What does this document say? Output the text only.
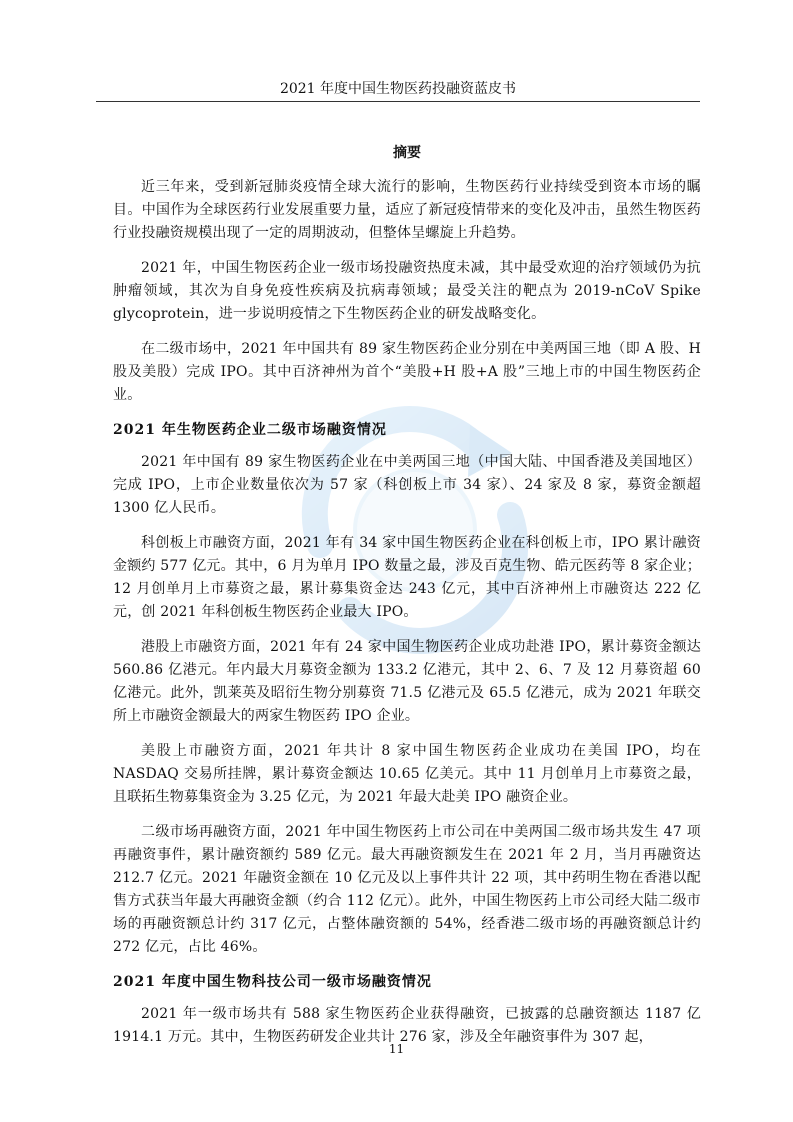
2021 年度中国生物医药投融资蓝皮书
摘要

近三年来，受到新冠肺炎疫情全球大流行的影响，生物医药行业持续受到资本市场的瞩目。中国作为全球医药行业发展重要力量，适应了新冠疫情带来的变化及冲击，虽然生物医药行业投融资规模出现了一定的周期波动，但整体呈螺旋上升趋势。

2021 年，中国生物医药企业一级市场投融资热度未减，其中最受欢迎的治疗领域仍为抗肿瘤领域，其次为自身免疫性疾病及抗病毒领域；最受关注的靶点为 2019-nCoV Spike glycoprotein，进一步说明疫情之下生物医药企业的研发战略变化。

在二级市场中，2021 年中国共有 89 家生物医药企业分别在中美两国三地（即 A 股、H 股及美股）完成 IPO。其中百济神州为首个“美股+H 股+A 股”三地上市的中国生物医药企业。

2021 年生物医药企业二级市场融资情况

2021 年中国有 89 家生物医药企业在中美两国三地（中国大陆、中国香港及美国地区）完成 IPO，上市企业数量依次为 57 家（科创板上市 34 家）、24 家及 8 家，募资金额超 1300 亿人民币。

科创板上市融资方面，2021 年有 34 家中国生物医药企业在科创板上市，IPO 累计融资金额约 577 亿元。其中，6 月为单月 IPO 数量之最，涉及百克生物、皓元医药等 8 家企业；12 月创单月上市募资之最，累计募集资金达 243 亿元，其中百济神州上市融资达 222 亿元，创 2021 年科创板生物医药企业最大 IPO。

港股上市融资方面，2021 年有 24 家中国生物医药企业成功赴港 IPO，累计募资金额达 560.86 亿港元。年内最大月募资金额为 133.2 亿港元，其中 2、6、7 及 12 月募资超 60 亿港元。此外，凯莱英及昭衍生物分别募资 71.5 亿港元及 65.5 亿港元，成为 2021 年联交所上市融资金额最大的两家生物医药 IPO 企业。

美股上市融资方面，2021 年共计 8 家中国生物医药企业成功在美国 IPO，均在 NASDAQ 交易所挂牌，累计募资金额达 10.65 亿美元。其中 11 月创单月上市募资之最，且联拓生物募集资金为 3.25 亿元，为 2021 年最大赴美 IPO 融资企业。

二级市场再融资方面，2021 年中国生物医药上市公司在中美两国二级市场共发生 47 项再融资事件，累计融资额约 589 亿元。最大再融资额发生在 2021 年 2 月，当月再融资达 212.7 亿元。2021 年融资金额在 10 亿元及以上事件共计 22 项，其中药明生物在香港以配售方式获当年最大再融资金额（约合 112 亿元）。此外，中国生物医药上市公司经大陆二级市场的再融资额总计约 317 亿元，占整体融资额的 54%，经香港二级市场的再融资额总计约 272 亿元，占比 46%。

2021 年度中国生物科技公司一级市场融资情况

2021 年一级市场共有 588 家生物医药企业获得融资，已披露的总融资额达 1187 亿 1914.1 万元。其中，生物医药研发企业共计 276 家，涉及全年融资事件为 307 起，

11
